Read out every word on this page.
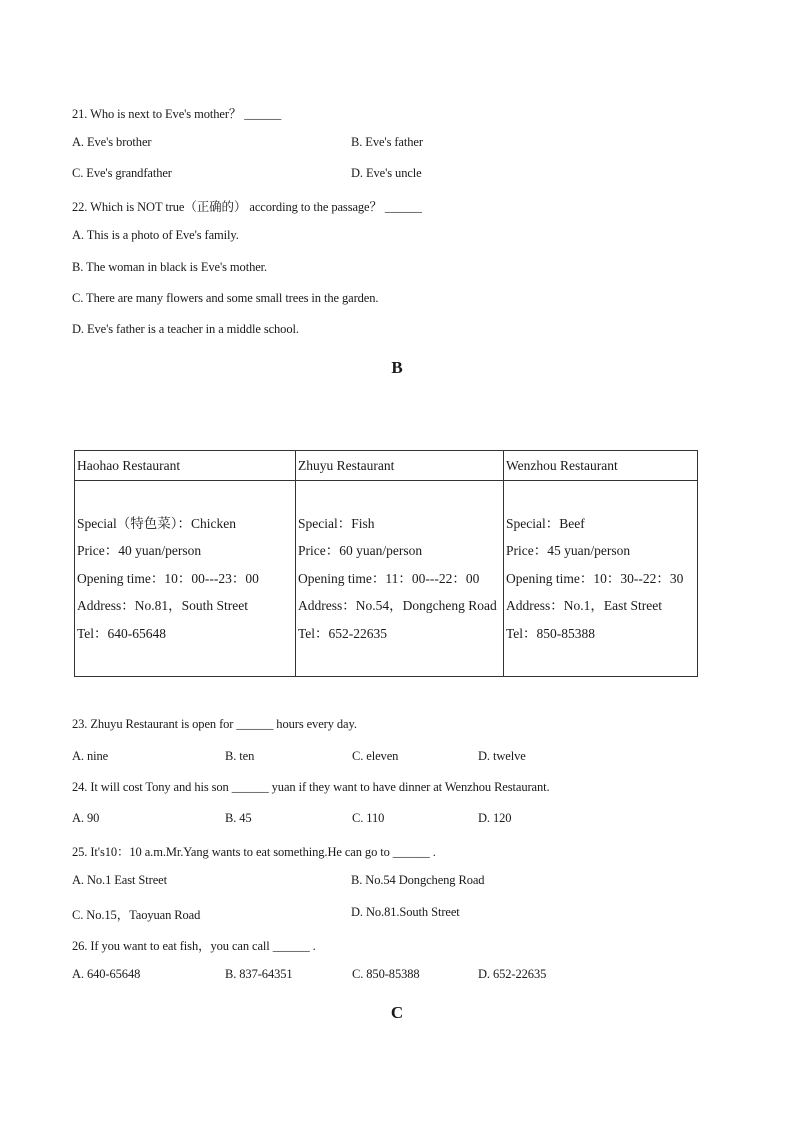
21. Who is next to Eve's mother？ ______
A. Eve's brother	B. Eve's father
C. Eve's grandfather	D. Eve's uncle
22. Which is NOT true（正确的） according to the passage？ ______
A. This is a photo of Eve's family.
B. The woman in black is Eve's mother.
C. There are many flowers and some small trees in the garden.
D. Eve's father is a teacher in a middle school.
B
Haohao Restaurant	Zhuyu Restaurant	Wenzhou Restaurant

Special（特色菜）：Chicken
Price：40 yuan/person
Opening time：10：00---23：00
Address：No.81，South Street
Tel：640-65648	Special：Fish
Price：60 yuan/person
Opening time：11：00---22：00
Address：No.54，Dongcheng Road
Tel：652-22635	Special：Beef
Price：45 yuan/person
Opening time：10：30--22：30
Address：No.1，East Street
Tel：850-85388
23. Zhuyu Restaurant is open for ______ hours every day.
A. nine	B. ten	C. eleven	D. twelve
24. It will cost Tony and his son ______ yuan if they want to have dinner at Wenzhou Restaurant.
A. 90	B. 45	C. 110	D. 120
25. It's10：10 a.m.Mr.Yang wants to eat something.He can go to ______ .
A. No.1 East Street	B. No.54 Dongcheng Road
C. No.15，Taoyuan Road	D. No.81.South Street
26. If you want to eat fish，you can call ______ .
A. 640-65648	B. 837-64351	C. 850-85388	D. 652-22635
C
